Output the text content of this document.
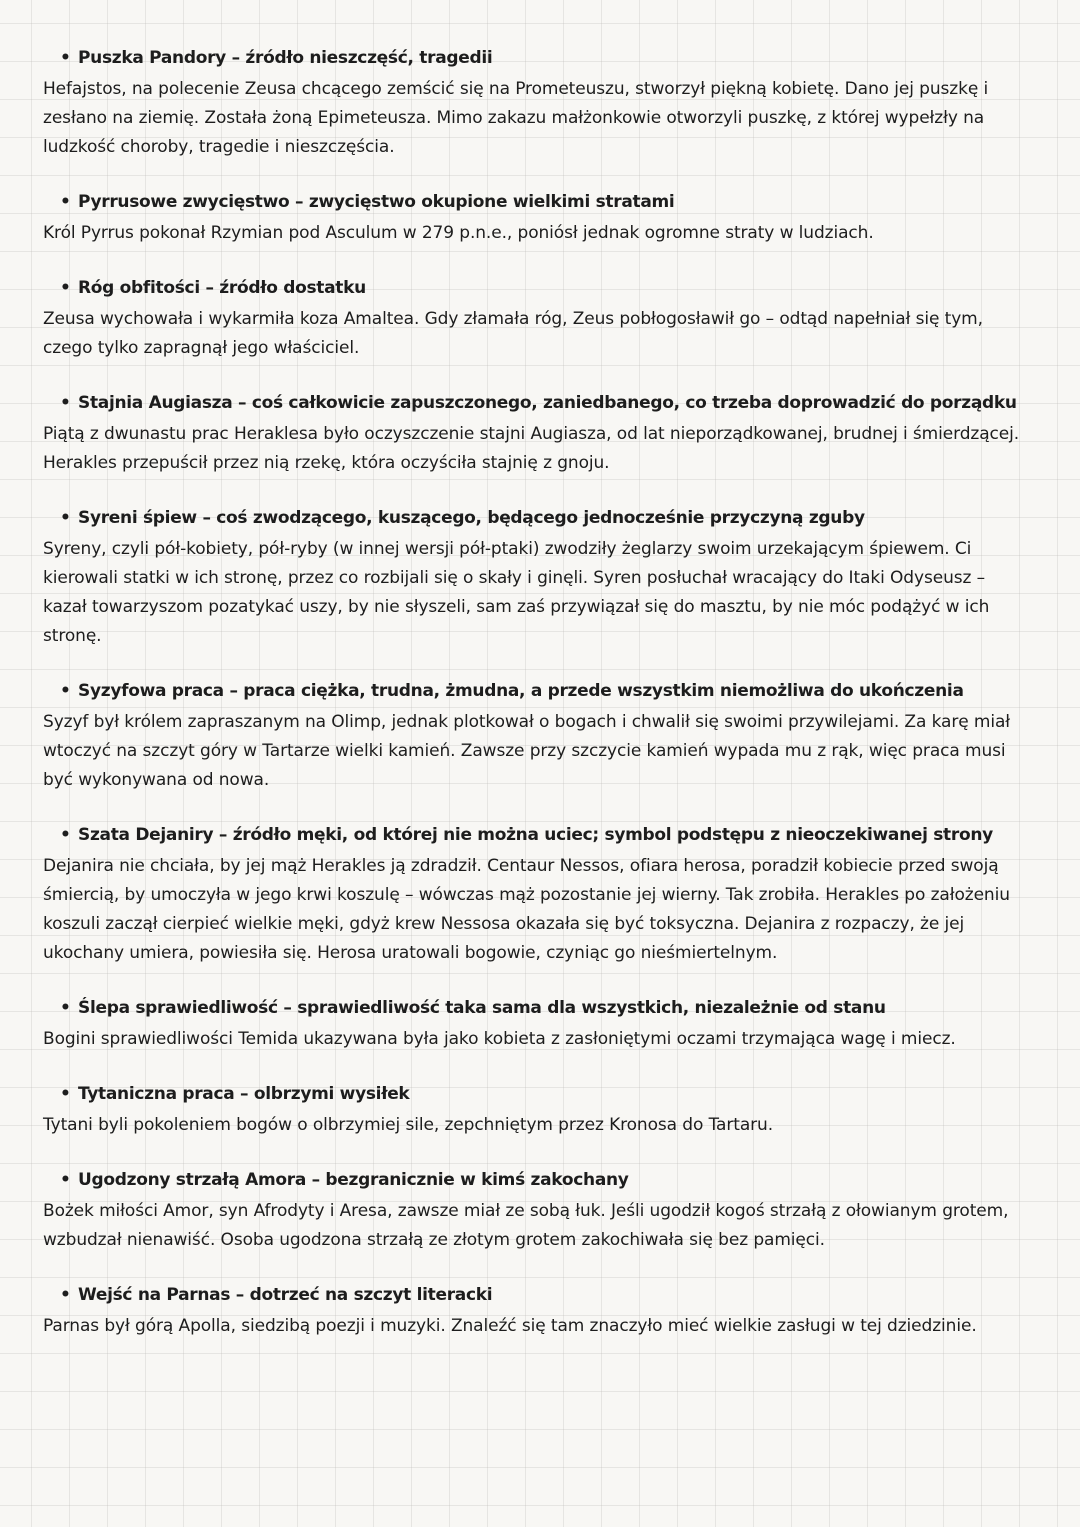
• Puszka Pandory – źródło nieszczęść, tragedii

Hefajstos, na polecenie Zeusa chcącego zemścić się na Prometeuszu, stworzył piękną kobietę. Dano jej puszkę i zesłano na ziemię. Została żoną Epimeteusza. Mimo zakazu małżonkowie otworzyli puszkę, z której wypełzły na ludzkość choroby, tragedie i nieszczęścia.

• Pyrrusowe zwycięstwo – zwycięstwo okupione wielkimi stratami

Król Pyrrus pokonał Rzymian pod Asculum w 279 p.n.e., poniósł jednak ogromne straty w ludziach.

• Róg obfitości – źródło dostatku

Zeusa wychowała i wykarmiła koza Amaltea. Gdy złamała róg, Zeus pobłogosławił go – odtąd napełniał się tym, czego tylko zapragnął jego właściciel.

• Stajnia Augiasza – coś całkowicie zapuszczonego, zaniedbanego, co trzeba doprowadzić do porządku

Piątą z dwunastu prac Heraklesa było oczyszczenie stajni Augiasza, od lat nieporządkowanej, brudnej i śmierdzącej. Herakles przepuścił przez nią rzekę, która oczyściła stajnię z gnoju.

• Syreni śpiew – coś zwodzącego, kuszącego, będącego jednocześnie przyczyną zguby

Syreny, czyli pół-kobiety, pół-ryby (w innej wersji pół-ptaki) zwodziły żeglarzy swoim urzekającym śpiewem. Ci kierowali statki w ich stronę, przez co rozbijali się o skały i ginęli. Syren posłuchał wracający do Itaki Odyseusz – kazał towarzyszom pozatykać uszy, by nie słyszeli, sam zaś przywiązał się do masztu, by nie móc podążyć w ich stronę.

• Syzyfowa praca – praca ciężka, trudna, żmudna, a przede wszystkim niemożliwa do ukończenia

Syzyf był królem zapraszanym na Olimp, jednak plotkował o bogach i chwalił się swoimi przywilejami. Za karę miał wtoczyć na szczyt góry w Tartarze wielki kamień. Zawsze przy szczycie kamień wypada mu z rąk, więc praca musi być wykonywana od nowa.

• Szata Dejaniry – źródło męki, od której nie można uciec; symbol podstępu z nieoczekiwanej strony

Dejanira nie chciała, by jej mąż Herakles ją zdradził. Centaur Nessos, ofiara herosa, poradził kobiecie przed swoją śmiercią, by umoczyła w jego krwi koszulę – wówczas mąż pozostanie jej wierny. Tak zrobiła. Herakles po założeniu koszuli zaczął cierpieć wielkie męki, gdyż krew Nessosa okazała się być toksyczna. Dejanira z rozpaczy, że jej ukochany umiera, powiesiła się. Herosa uratowali bogowie, czyniąc go nieśmiertelnym.

• Ślepa sprawiedliwość – sprawiedliwość taka sama dla wszystkich, niezależnie od stanu

Bogini sprawiedliwości Temida ukazywana była jako kobieta z zasłoniętymi oczami trzymająca wagę i miecz.

• Tytaniczna praca – olbrzymi wysiłek

Tytani byli pokoleniem bogów o olbrzymiej sile, zepchniętym przez Kronosa do Tartaru.

• Ugodzony strzałą Amora – bezgranicznie w kimś zakochany

Bożek miłości Amor, syn Afrodyty i Aresa, zawsze miał ze sobą łuk. Jeśli ugodził kogoś strzałą z ołowianym grotem, wzbudzał nienawiść. Osoba ugodzona strzałą ze złotym grotem zakochiwała się bez pamięci.

• Wejść na Parnas – dotrzeć na szczyt literacki

Parnas był górą Apolla, siedzibą poezji i muzyki. Znaleźć się tam znaczyło mieć wielkie zasługi w tej dziedzinie.
